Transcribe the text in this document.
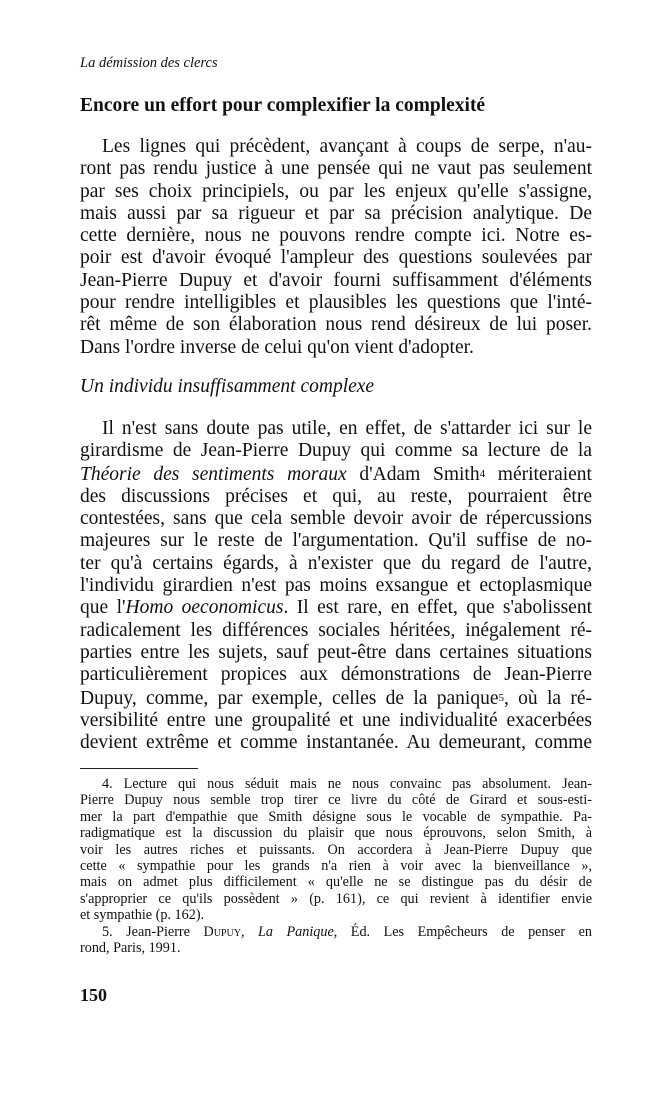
La démission des clercs
Encore un effort pour complexifier la complexité
Les lignes qui précèdent, avançant à coups de serpe, n'au-
ront pas rendu justice à une pensée qui ne vaut pas seulement
par ses choix principiels, ou par les enjeux qu'elle s'assigne,
mais aussi par sa rigueur et par sa précision analytique. De
cette dernière, nous ne pouvons rendre compte ici. Notre es-
poir est d'avoir évoqué l'ampleur des questions soulevées par
Jean-Pierre Dupuy et d'avoir fourni suffisamment d'éléments
pour rendre intelligibles et plausibles les questions que l'inté-
rêt même de son élaboration nous rend désireux de lui poser.
Dans l'ordre inverse de celui qu'on vient d'adopter.
Un individu insuffisamment complexe
Il n'est sans doute pas utile, en effet, de s'attarder ici sur le
girardisme de Jean-Pierre Dupuy qui comme sa lecture de la
Théorie des sentiments moraux d'Adam Smith4 mériteraient
des discussions précises et qui, au reste, pourraient être
contestées, sans que cela semble devoir avoir de répercussions
majeures sur le reste de l'argumentation. Qu'il suffise de no-
ter qu'à certains égards, à n'exister que du regard de l'autre,
l'individu girardien n'est pas moins exsangue et ectoplasmique
que l'Homo oeconomicus. Il est rare, en effet, que s'abolissent
radicalement les différences sociales héritées, inégalement ré-
parties entre les sujets, sauf peut-être dans certaines situations
particulièrement propices aux démonstrations de Jean-Pierre
Dupuy, comme, par exemple, celles de la panique5, où la ré-
versibilité entre une groupalité et une individualité exacerbées
devient extrême et comme instantanée. Au demeurant, comme
4. Lecture qui nous séduit mais ne nous convainc pas absolument. Jean-
Pierre Dupuy nous semble trop tirer ce livre du côté de Girard et sous-esti-
mer la part d'empathie que Smith désigne sous le vocable de sympathie. Pa-
radigmatique est la discussion du plaisir que nous éprouvons, selon Smith, à
voir les autres riches et puissants. On accordera à Jean-Pierre Dupuy que
cette « sympathie pour les grands n'a rien à voir avec la bienveillance »,
mais on admet plus difficilement « qu'elle ne se distingue pas du désir de
s'approprier ce qu'ils possèdent » (p. 161), ce qui revient à identifier envie
et sympathie (p. 162).
5. Jean-Pierre Dupuy, La Panique, Éd. Les Empêcheurs de penser en
rond, Paris, 1991.
150
